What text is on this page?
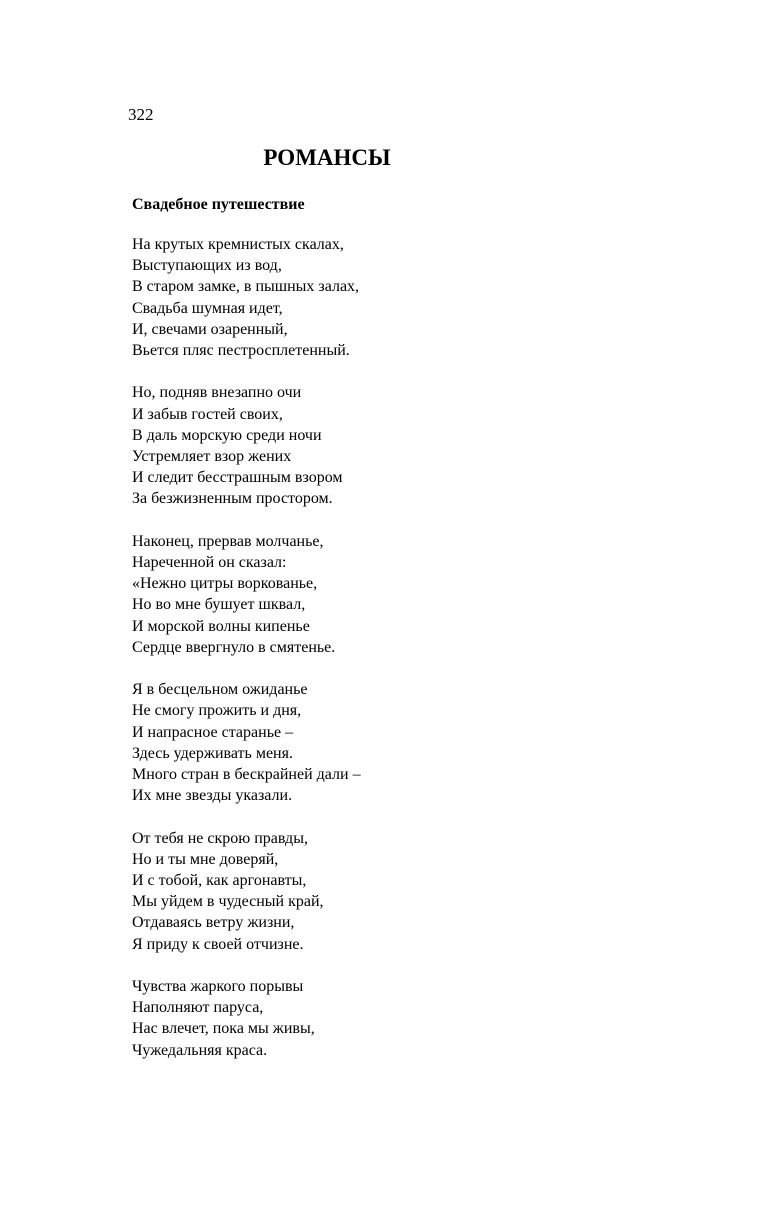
322
РОМАНСЫ
Свадебное путешествие
На крутых кремнистых скалах,
Выступающих из вод,
В старом замке, в пышных залах,
Свадьба шумная идет,
И, свечами озаренный,
Вьется пляс пестросплетенный.
Но, подняв внезапно очи
И забыв гостей своих,
В даль морскую среди ночи
Устремляет взор жених
И следит бесстрашным взором
За безжизненным простором.
Наконец, прервав молчанье,
Нареченной он сказал:
«Нежно цитры воркованье,
Но во мне бушует шквал,
И морской волны кипенье
Сердце ввергнуло в смятенье.
Я в бесцельном ожиданье
Не смогу прожить и дня,
И напрасное старанье –
Здесь удерживать меня.
Много стран в бескрайней дали –
Их мне звезды указали.
От тебя не скрою правды,
Но и ты мне доверяй,
И с тобой, как аргонавты,
Мы уйдем в чудесный край,
Отдаваясь ветру жизни,
Я приду к своей отчизне.
Чувства жаркого порывы
Наполняют паруса,
Нас влечет, пока мы живы,
Чужедальняя краса.
